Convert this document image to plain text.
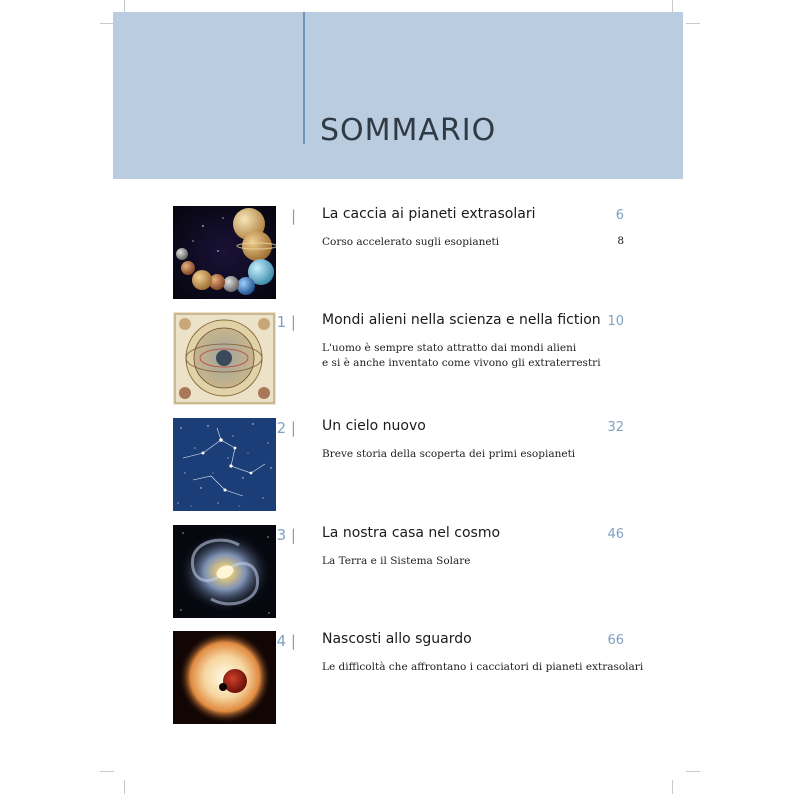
SOMMARIO
| La caccia ai pianeti extrasolari	6
Corso accelerato sugli esopianeti	8
1 | Mondi alieni nella scienza e nella fiction 10
L'uomo è sempre stato attratto dai mondi alieni
e si è anche inventato come vivono gli extraterrestri
2 | Un cielo nuovo	32
Breve storia della scoperta dei primi esopianeti
3 | La nostra casa nel cosmo	46
La Terra e il Sistema Solare
4 | Nascosti allo sguardo	66
Le difficoltà che affrontano i cacciatori di pianeti extrasolari
